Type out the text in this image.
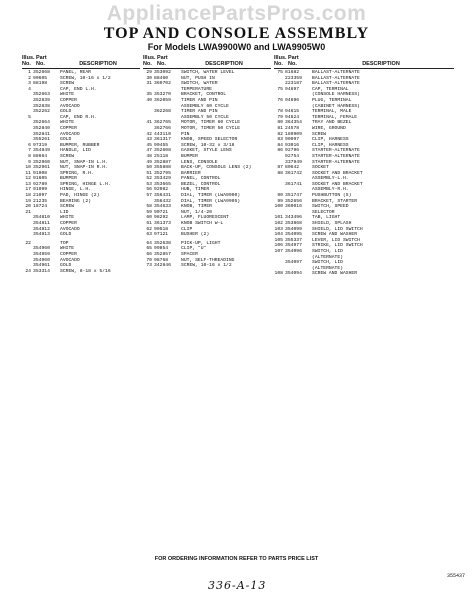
AppliancePartsPros.com
TOP AND CONSOLE ASSEMBLY
For Models LWA9900W0 and LWA9905W0
Illus.
No.
Part
No.
	DESCRIPTION
1 352668	PANEL, REAR
2 90605	SCREW, 10-16 x 1/2
3 88198	SCREW
4	CAP, END L.H.
352663	WHITE
352839	COPPER
352838	AVOCADO
352262	GOLD
5	CAP, END R.H.
352664	WHITE
352840	COPPER
352841	AVOCADO
355261	GOLD
6 97319	BUMPER, RUBBER
7 354849	HANDLE, LID
8 88664	SCREW
9 352960	NUT, SNAP-IN L.H.
10 352961	NUT, SNAP-IN R.H.
11 91908	SPRING, R.H.
12 91605	BUMPER
13 92789	SPRING, HINGE L.H.
17 91099	HINGE, L.H.
18 21097	PAD, HINGE (2)
19 21235	BEARING (2)
20 18724	SCREW
21	LID
354810	WHITE
354811	COPPER
354812	AVOCADO
354813	GOLD
22	TOP
354960	WHITE
354959	COPPER
354960	AVOCADO
354961	GOLD
24 353314	SCREW, 8-18 x 5/16
Illus.
No.
Part
No.
	DESCRIPTION
29 353092	SWITCH, WATER LEVEL
30 88460	NUT, PUSH IN
31 360702	SWITCH, WATER
TEMPERATURE
35 353270	BRACKET, CONTROL
40 362059	TIMER AND PIN
ASSEMBLY 60 CYCLE
362268	TIMER AND PIN
ASSEMBLY 50 CYCLE
41 362765	MOTOR, TIMER 60 CYCLE
362766	MOTOR, TIMER 50 CYCLE
42 443110	PIN
43 361317	KNOB, SPEED SELECTOR
45 90455	SCREW, 10-32 x 3/16
47 352608	GASKET, STYLE LENS
48 25118	BUMPER
49 352887	LENS, CONSOLE
50 355888	BACK-UP, CONSOLE LENS (2)
51 352795	BARRIER
52 353429	PANEL, CONTROL
53 353665	BEZEL, CONTROL
56 92082	HUB, TIMER
57 356431	DIAL, TIMER (LWA9900)
356432	DIAL, TIMER (LWA9905)
58 354633	KNOB, TIMER
59 90721	NUT, 1/4-20
60 98292	LAMP, FLUORESCENT
61 361373	KNOB SWITCH W-L
62 90518	CLIP
63 97121	BUSHER (2)
64 352638	PICK-UP, LIGHT
65 99854	CLIP, "U"
66 352857	SPACER
70 98768	NUT, SELF-THREADING
73 342846	SCREW, 10-16 x 1/2
Illus.
No.
Part
No.
	DESCRIPTION
75 81682	BALLAST-ALTERNATE
223359	BALLAST-ALTERNATE
223187	BALLAST-ALTERNATE
75 94697	CAP, TERMINAL
(CONSOLE HARNESS)
76 94696	PLUG, TERMINAL
(CABINET HARNESS)
78 94615	TERMINAL, MALE
79 94624	TERMINAL, FEMALE
80 364354	TRAY AND BEZEL
81 24578	WIRE, GROUND
82 189909	SCREW
83 90997	CLIP, HARNESS
84 93016	CLIP, HARNESS
86 92796	STARTER-ALTERNATE
92754	STARTER-ALTERNATE
337949	STARTER-ALTERNATE
87 80642	SOCKET
88 361742	SOCKET AND BRACKET
ASSEMBLY-L.H.
361741	SOCKET AND BRACKET
ASSEMBLY-R.H.
90 351747	PUSHBUTTON (5)
99 352656	BRACKET, STARTER
100 360016	SWITCH, SPEED
SELECTOR
101 343496	TAB, LIGHT
102 353868	SHIELD, SPLASH
103 354099	SHIELD, LID SWITCH
104 354095	SCREW AND WASHER
105 355337	LEVER, LID SWITCH
106 354977	STRIKE, LID SWITCH
107 354096	SWITCH, LID
(ALTERNATE)
354097	SWITCH, LID
(ALTERNATE)
108 354094	SCREW AND WASHER
FOR ORDERING INFORMATION REFER TO PARTS PRICE LIST
355437
336-A-13
